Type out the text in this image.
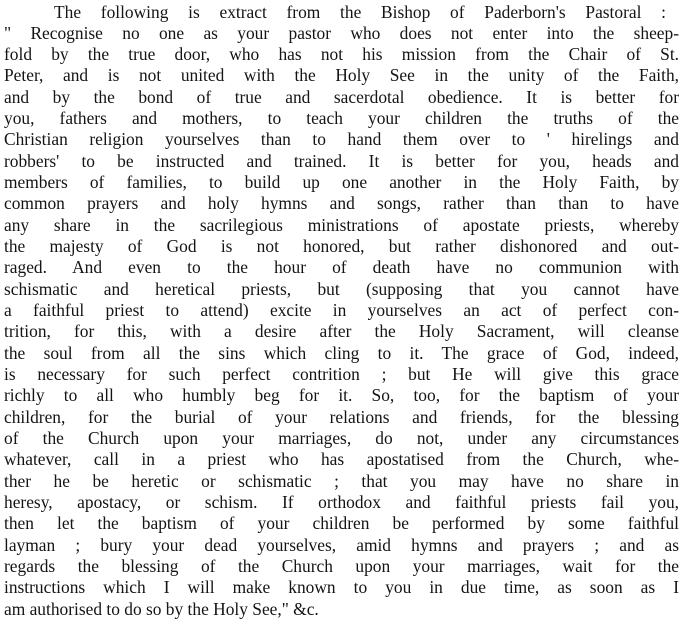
The following is extract from the Bishop of Paderborn's Pastoral :
" Recognise no one as your pastor who does not enter into the sheep-
fold by the true door, who has not his mission from the Chair of St.
Peter, and is not united with the Holy See in the unity of the Faith,
and by the bond of true and sacerdotal obedience. It is better for
you, fathers and mothers, to teach your children the truths of the
Christian religion yourselves than to hand them over to ' hirelings and
robbers' to be instructed and trained. It is better for you, heads and
members of families, to build up one another in the Holy Faith, by
common prayers and holy hymns and songs, rather than than to have
any share in the sacrilegious ministrations of apostate priests, whereby
the majesty of God is not honored, but rather dishonored and out-
raged. And even to the hour of death have no communion with
schismatic and heretical priests, but (supposing that you cannot have
a faithful priest to attend) excite in yourselves an act of perfect con-
trition, for this, with a desire after the Holy Sacrament, will cleanse
the soul from all the sins which cling to it. The grace of God, indeed,
is necessary for such perfect contrition ; but He will give this grace
richly to all who humbly beg for it. So, too, for the baptism of your
children, for the burial of your relations and friends, for the blessing
of the Church upon your marriages, do not, under any circumstances
whatever, call in a priest who has apostatised from the Church, whe-
ther he be heretic or schismatic ; that you may have no share in
heresy, apostacy, or schism. If orthodox and faithful priests fail you,
then let the baptism of your children be performed by some faithful
layman ; bury your dead yourselves, amid hymns and prayers ; and as
regards the blessing of the Church upon your marriages, wait for the
instructions which I will make known to you in due time, as soon as I
am authorised to do so by the Holy See," &c.
